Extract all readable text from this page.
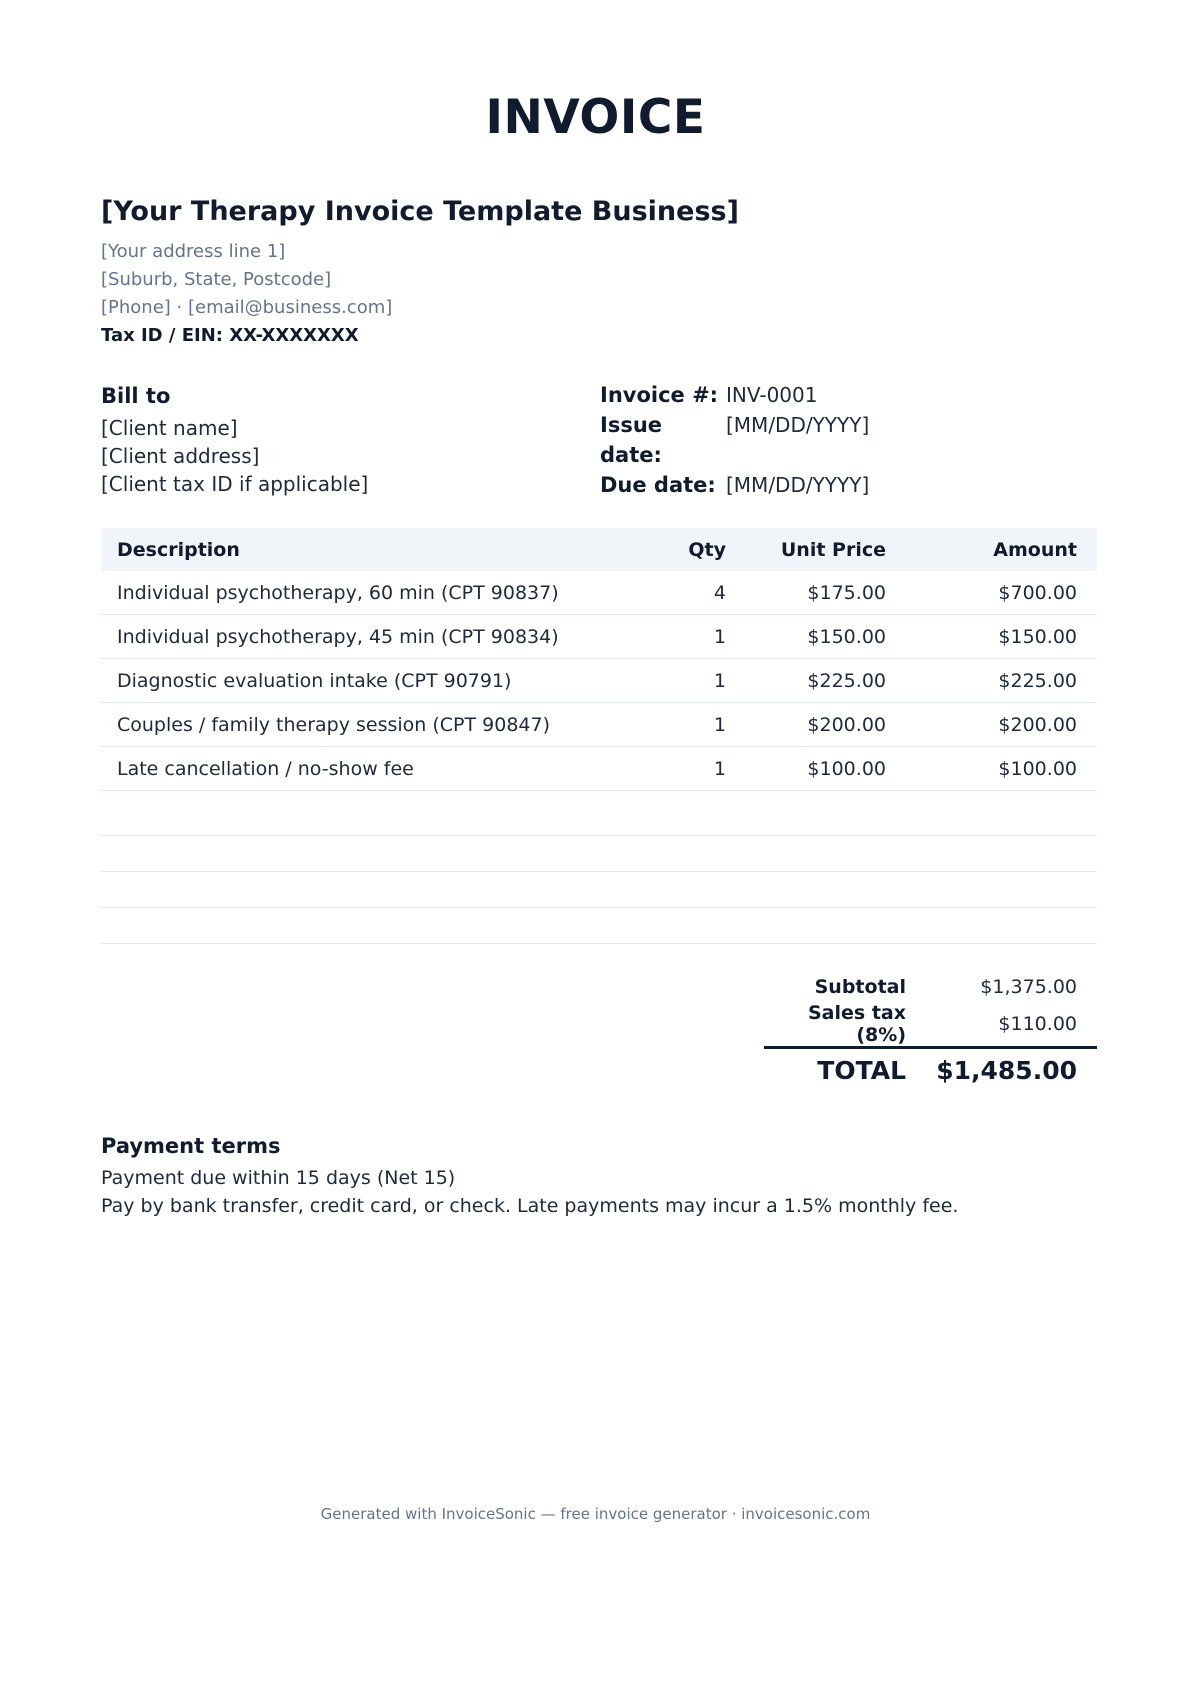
INVOICE
[Your Therapy Invoice Template Business]
[Your address line 1]
[Suburb, State, Postcode]
[Phone] · [email@business.com]
Tax ID / EIN: XX-XXXXXXX
Bill to
[Client name]
[Client address]
[Client tax ID if applicable]
Invoice #: INV-0001
Issue date:
[MM/DD/YYYY]
Due date: [MM/DD/YYYY]
Description	Qty	Unit Price	Amount
Individual psychotherapy, 60 min (CPT 90837)	4	$175.00	$700.00
Individual psychotherapy, 45 min (CPT 90834)	1	$150.00	$150.00
Diagnostic evaluation intake (CPT 90791)	1	$225.00	$225.00
Couples / family therapy session (CPT 90847)	1	$200.00	$200.00
Late cancellation / no-show fee	1	$100.00	$100.00
Subtotal	$1,375.00
Sales tax (8%)	$110.00
TOTAL	$1,485.00
Payment terms
Payment due within 15 days (Net 15)
Pay by bank transfer, credit card, or check. Late payments may incur a 1.5% monthly fee.
Generated with InvoiceSonic — free invoice generator · invoicesonic.com
